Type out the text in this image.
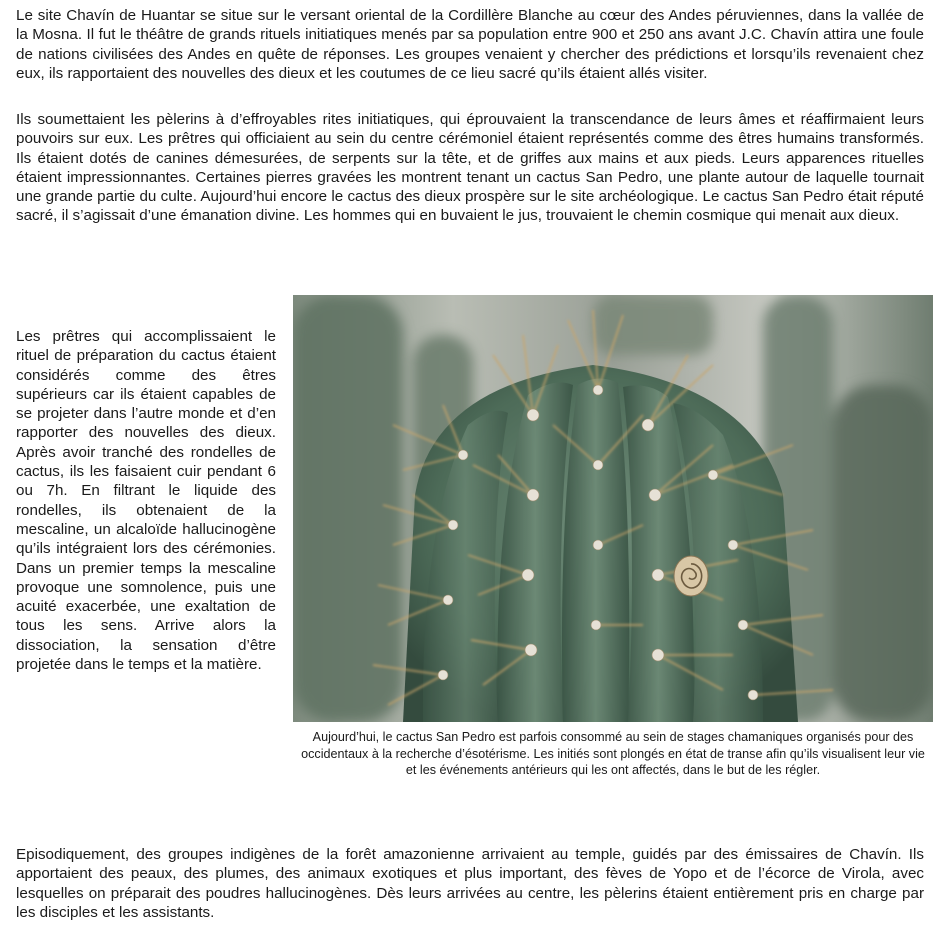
Le site Chavín de Huantar se situe sur le versant oriental de la Cordillère Blanche au cœur des Andes péruviennes, dans la vallée de la Mosna. Il fut le théâtre de grands rituels initiatiques menés par sa population entre 900 et 250 ans avant J.C. Chavín attira une foule de nations civilisées des Andes en quête de réponses. Les groupes venaient y chercher des prédictions et lorsqu’ils revenaient chez eux, ils rapportaient des nouvelles des dieux et les coutumes de ce lieu sacré qu’ils étaient allés visiter.

Ils soumettaient les pèlerins à d’effroyables rites initiatiques, qui éprouvaient la transcendance de leurs âmes et réaffirmaient leurs pouvoirs sur eux. Les prêtres qui officiaient au sein du centre cérémoniel étaient représentés comme des êtres humains transformés. Ils étaient dotés de canines démesurées, de serpents sur la tête, et de griffes aux mains et aux pieds. Leurs apparences rituelles étaient impressionnantes. Certaines pierres gravées les montrent tenant un cactus San Pedro, une plante autour de laquelle tournait une grande partie du culte. Aujourd’hui encore le cactus des dieux prospère sur le site archéologique. Le cactus San Pedro était réputé sacré, il s’agissait d’une émanation divine. Les hommes qui en buvaient le jus, trouvaient le chemin cosmique qui menait aux dieux.

Les prêtres qui accomplissaient le rituel de préparation du cactus étaient considérés comme des êtres supérieurs car ils étaient capables de se projeter dans l’autre monde et d’en rapporter des nouvelles des dieux. Après avoir tranché des rondelles de cactus, ils les faisaient cuir pendant 6 ou 7h. En filtrant le liquide des rondelles, ils obtenaient de la mescaline, un alcaloïde hallucinogène qu’ils intégraient lors des cérémonies. Dans un premier temps la mescaline provoque une somnolence, puis une acuité exacerbée, une exaltation de tous les sens. Arrive alors la dissociation, la sensation d’être projetée dans le temps et la matière.

Aujourd’hui, le cactus San Pedro est parfois consommé au sein de stages chamaniques organisés pour des occidentaux à la recherche d’ésotérisme. Les initiés sont plongés en état de transe afin qu’ils visualisent leur vie et les événements antérieurs qui les ont affectés, dans le but de les régler.

Episodiquement, des groupes indigènes de la forêt amazonienne arrivaient au temple, guidés par des émissaires de Chavín. Ils apportaient des peaux, des plumes, des animaux exotiques et plus important, des fèves de Yopo et de l’écorce de Virola, avec lesquelles on préparait des poudres hallucinogènes. Dès leurs arrivées au centre, les pèlerins étaient entièrement pris en charge par les disciples et les assistants.
